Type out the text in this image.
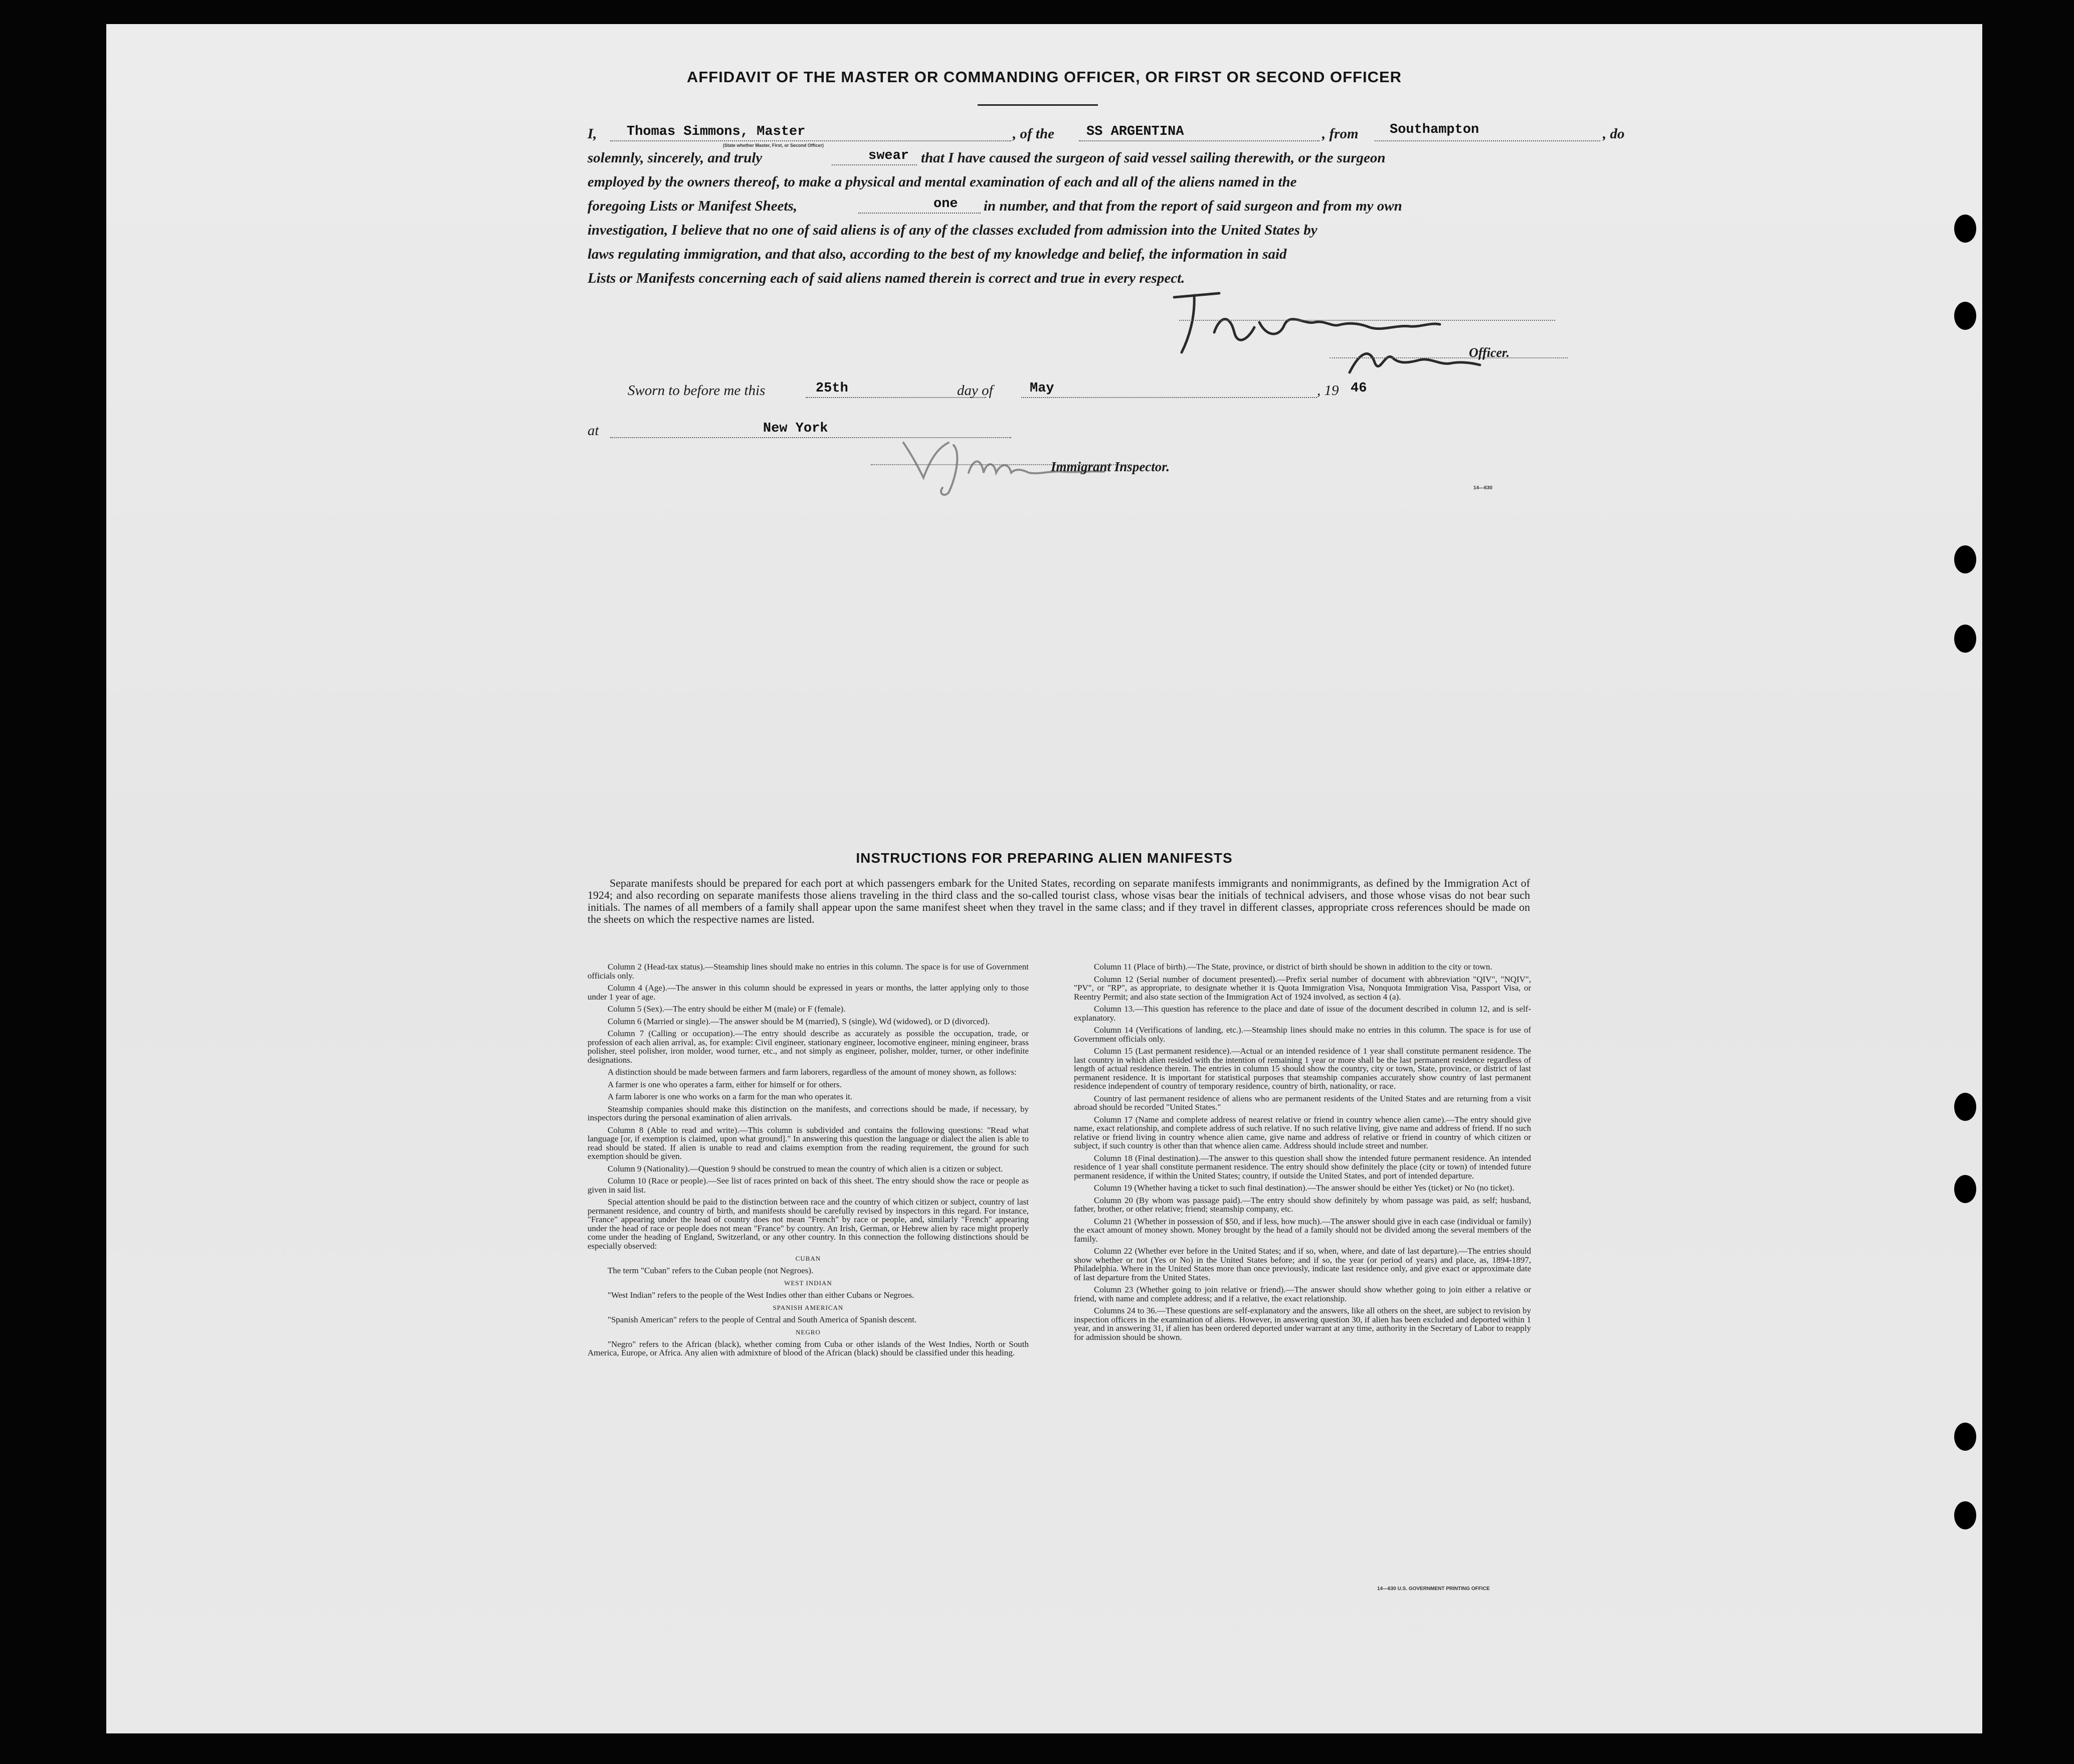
AFFIDAVIT OF THE MASTER OR COMMANDING OFFICER, OR FIRST OR SECOND OFFICER
I, Thomas Simmons, Master	, of the SS ARGENTINA	, from Southampton	, do
(State whether Master, First, or Second Officer)
solemnly, sincerely, and truly	swear that I have caused the surgeon of said vessel sailing therewith, or the surgeon
employed by the owners thereof, to make a physical and mental examination of each and all of the aliens named in the
foregoing Lists or Manifest Sheets,	one in number, and that from the report of said surgeon and from my own
investigation, I believe that no one of said aliens is of any of the classes excluded from admission into the United States by
laws regulating immigration, and that also, according to the best of my knowledge and belief, the information in said
Lists or Manifests concerning each of said aliens named therein is correct and true in every respect.
Officer.
Sworn to before me this	25th	day of	May	, 19 46
at	New York
Immigrant Inspector.
14—630
INSTRUCTIONS FOR PREPARING ALIEN MANIFESTS
Separate manifests should be prepared for each port at which passengers embark for the United States, recording on separate manifests immigrants and nonimmigrants, as defined by the Immigration Act of 1924; and also recording on separate manifests those aliens traveling in the third class and the so-called tourist class, whose visas bear the initials of technical advisers, and those whose visas do not bear such initials. The names of all members of a family shall appear upon the same manifest sheet when they travel in the same class; and if they travel in different classes, appropriate cross references should be made on the sheets on which the respective names are listed.

Column 2 (Head-tax status).—Steamship lines should make no entries in this column. The space is for use of Government officials only.

Column 4 (Age).—The answer in this column should be expressed in years or months, the latter applying only to those under 1 year of age.

Column 5 (Sex).—The entry should be either M (male) or F (female).

Column 6 (Married or single).—The answer should be M (married), S (single), Wd (widowed), or D (divorced).

Column 7 (Calling or occupation).—The entry should describe as accurately as possible the occupation, trade, or profession of each alien arrival, as, for example: Civil engineer, stationary engineer, locomotive engineer, mining engineer, brass polisher, steel polisher, iron molder, wood turner, etc., and not simply as engineer, polisher, molder, turner, or other indefinite designations.

A distinction should be made between farmers and farm laborers, regardless of the amount of money shown, as follows:

A farmer is one who operates a farm, either for himself or for others.

A farm laborer is one who works on a farm for the man who operates it.

Steamship companies should make this distinction on the manifests, and corrections should be made, if necessary, by inspectors during the personal examination of alien arrivals.

Column 8 (Able to read and write).—This column is subdivided and contains the following questions: "Read what language [or, if exemption is claimed, upon what ground]." In answering this question the language or dialect the alien is able to read should be stated. If alien is unable to read and claims exemption from the reading requirement, the ground for such exemption should be given.

Column 9 (Nationality).—Question 9 should be construed to mean the country of which alien is a citizen or subject.

Column 10 (Race or people).—See list of races printed on back of this sheet. The entry should show the race or people as given in said list.

Special attention should be paid to the distinction between race and the country of which citizen or subject, country of last permanent residence, and country of birth, and manifests should be carefully revised by inspectors in this regard. For instance, "France" appearing under the head of country does not mean "French" by race or people, and, similarly "French" appearing under the head of race or people does not mean "France" by country. An Irish, German, or Hebrew alien by race might properly come under the heading of England, Switzerland, or any other country. In this connection the following distinctions should be especially observed:

CUBAN

The term "Cuban" refers to the Cuban people (not Negroes).

WEST INDIAN

"West Indian" refers to the people of the West Indies other than either Cubans or Negroes.

SPANISH AMERICAN

"Spanish American" refers to the people of Central and South America of Spanish descent.

NEGRO

"Negro" refers to the African (black), whether coming from Cuba or other islands of the West Indies, North or South America, Europe, or Africa. Any alien with admixture of blood of the African (black) should be classified under this heading.

Column 11 (Place of birth).—The State, province, or district of birth should be shown in addition to the city or town.

Column 12 (Serial number of document presented).—Prefix serial number of document with abbreviation "QIV", "NQIV", "PV", or "RP", as appropriate, to designate whether it is Quota Immigration Visa, Nonquota Immigration Visa, Passport Visa, or Reentry Permit; and also state section of the Immigration Act of 1924 involved, as section 4 (a).

Column 13.—This question has reference to the place and date of issue of the document described in column 12, and is self-explanatory.

Column 14 (Verifications of landing, etc.).—Steamship lines should make no entries in this column. The space is for use of Government officials only.

Column 15 (Last permanent residence).—Actual or an intended residence of 1 year shall constitute permanent residence. The last country in which alien resided with the intention of remaining 1 year or more shall be the last permanent residence regardless of length of actual residence therein. The entries in column 15 should show the country, city or town, State, province, or district of last permanent residence. It is important for statistical purposes that steamship companies accurately show country of last permanent residence independent of country of temporary residence, country of birth, nationality, or race.

Country of last permanent residence of aliens who are permanent residents of the United States and are returning from a visit abroad should be recorded "United States."

Column 17 (Name and complete address of nearest relative or friend in country whence alien came).—The entry should give name, exact relationship, and complete address of such relative. If no such relative living, give name and address of friend. If no such relative or friend living in country whence alien came, give name and address of relative or friend in country of which citizen or subject, if such country is other than that whence alien came. Address should include street and number.

Column 18 (Final destination).—The answer to this question shall show the intended future permanent residence. An intended residence of 1 year shall constitute permanent residence. The entry should show definitely the place (city or town) of intended future permanent residence, if within the United States; country, if outside the United States, and port of intended departure.

Column 19 (Whether having a ticket to such final destination).—The answer should be either Yes (ticket) or No (no ticket).

Column 20 (By whom was passage paid).—The entry should show definitely by whom passage was paid, as self; husband, father, brother, or other relative; friend; steamship company, etc.

Column 21 (Whether in possession of $50, and if less, how much).—The answer should give in each case (individual or family) the exact amount of money shown. Money brought by the head of a family should not be divided among the several members of the family.

Column 22 (Whether ever before in the United States; and if so, when, where, and date of last departure).—The entries should show whether or not (Yes or No) in the United States before; and if so, the year (or period of years) and place, as, 1894-1897, Philadelphia. Where in the United States more than once previously, indicate last residence only, and give exact or approximate date of last departure from the United States.

Column 23 (Whether going to join relative or friend).—The answer should show whether going to join either a relative or friend, with name and complete address; and if a relative, the exact relationship.

Columns 24 to 36.—These questions are self-explanatory and the answers, like all others on the sheet, are subject to revision by inspection officers in the examination of aliens. However, in answering question 30, if alien has been excluded and deported within 1 year, and in answering 31, if alien has been ordered deported under warrant at any time, authority in the Secretary of Labor to reapply for admission should be shown.

14—630 U.S. GOVERNMENT PRINTING OFFICE
